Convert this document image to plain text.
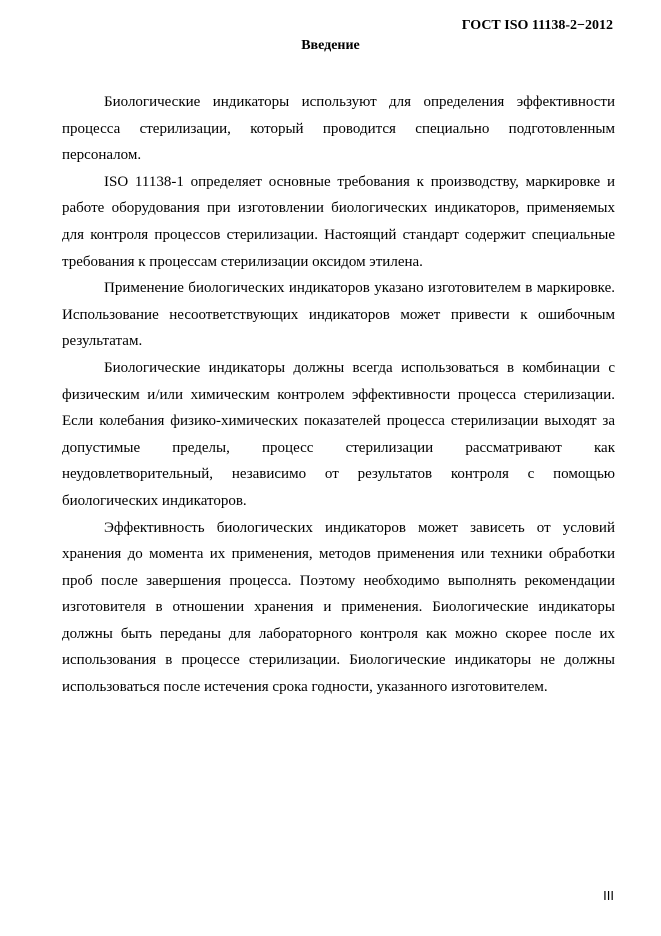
ГОСТ ISO 11138-2−2012
Введение

Биологические индикаторы используют для определения эффективности процесса стерилизации, который проводится специально подготовленным персоналом.

ISO 11138-1 определяет основные требования к производству, маркировке и работе оборудования при изготовлении биологических индикаторов, применяемых для контроля процессов стерилизации. Настоящий стандарт содержит специальные требования к процессам стерилизации оксидом этилена.

Применение биологических индикаторов указано изготовителем в маркировке. Использование несоответствующих индикаторов может привести к ошибочным результатам.

Биологические индикаторы должны всегда использоваться в комбинации с физическим и/или химическим контролем эффективности процесса стерилизации. Если колебания физико-химических показателей процесса стерилизации выходят за допустимые пределы, процесс стерилизации рассматривают как неудовлетворительный, независимо от результатов контроля с помощью биологических индикаторов.

Эффективность биологических индикаторов может зависеть от условий хранения до момента их применения, методов применения или техники обработки проб после завершения процесса. Поэтому необходимо выполнять рекомендации изготовителя в отношении хранения и применения. Биологические индикаторы должны быть переданы для лабораторного контроля как можно скорее после их использования в процессе стерилизации. Биологические индикаторы не должны использоваться после истечения срока годности, указанного изготовителем.

III
